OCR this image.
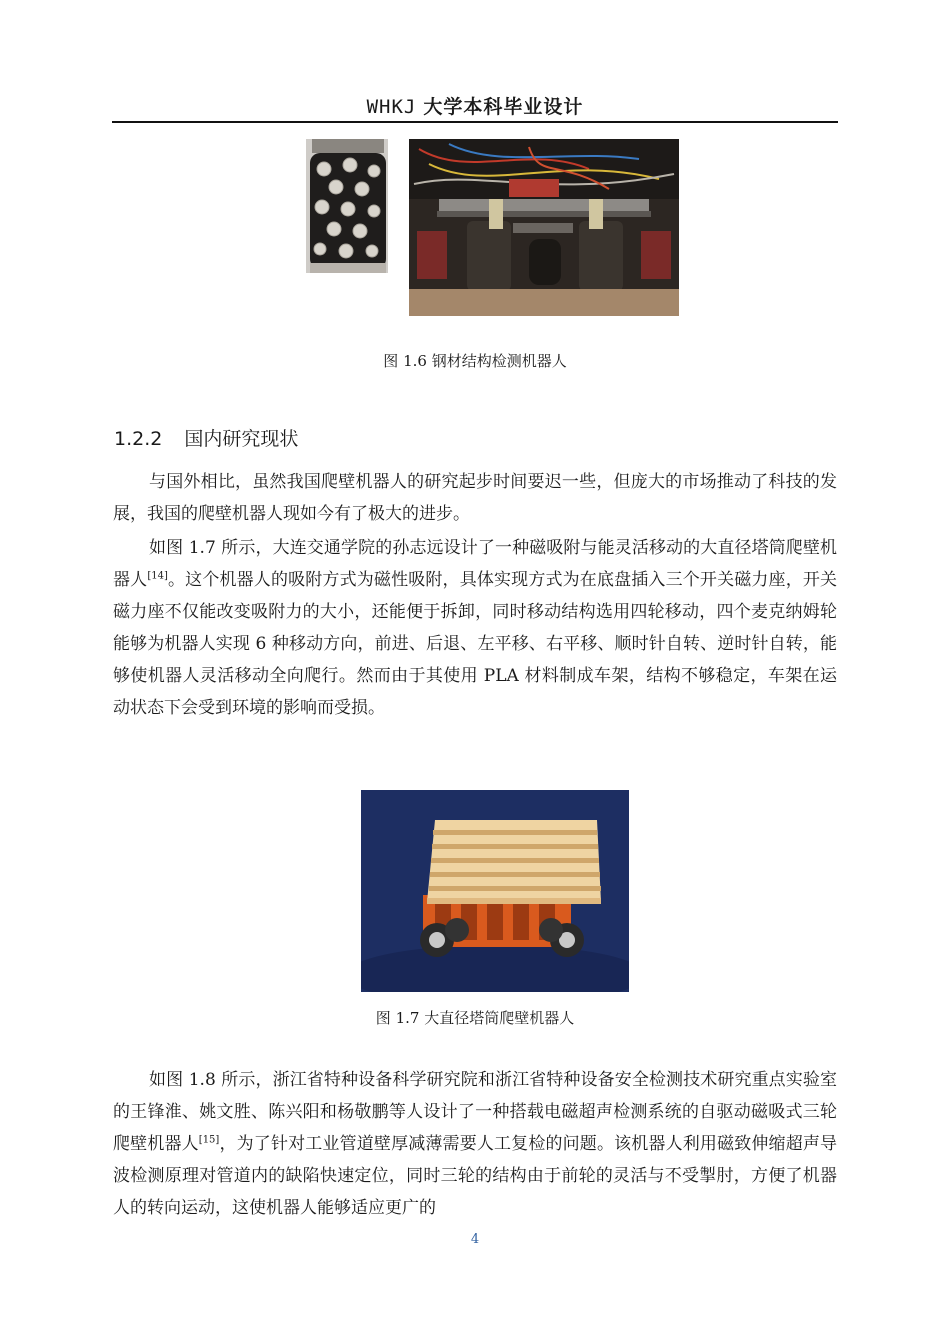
WHKJ 大学本科毕业设计
图 1.6 钢材结构检测机器人
1.2.2 国内研究现状

与国外相比，虽然我国爬壁机器人的研究起步时间要迟一些，但庞大的市场推动了科技的发展，我国的爬壁机器人现如今有了极大的进步。

如图 1.7 所示，大连交通学院的孙志远设计了一种磁吸附与能灵活移动的大直径塔筒爬壁机器人[14]。这个机器人的吸附方式为磁性吸附，具体实现方式为在底盘插入三个开关磁力座，开关磁力座不仅能改变吸附力的大小，还能便于拆卸，同时移动结构选用四轮移动，四个麦克纳姆轮能够为机器人实现 6 种移动方向，前进、后退、左平移、右平移、顺时针自转、逆时针自转，能够使机器人灵活移动全向爬行。然而由于其使用 PLA 材料制成车架，结构不够稳定，车架在运动状态下会受到环境的影响而受损。

图 1.7 大直径塔筒爬壁机器人

如图 1.8 所示，浙江省特种设备科学研究院和浙江省特种设备安全检测技术研究重点实验室的王锋淮、姚文胜、陈兴阳和杨敬鹏等人设计了一种搭载电磁超声检测系统的自驱动磁吸式三轮爬壁机器人[15]，为了针对工业管道壁厚减薄需要人工复检的问题。该机器人利用磁致伸缩超声导波检测原理对管道内的缺陷快速定位，同时三轮的结构由于前轮的灵活与不受掣肘，方便了机器人的转向运动，这使机器人能够适应更广的

4
